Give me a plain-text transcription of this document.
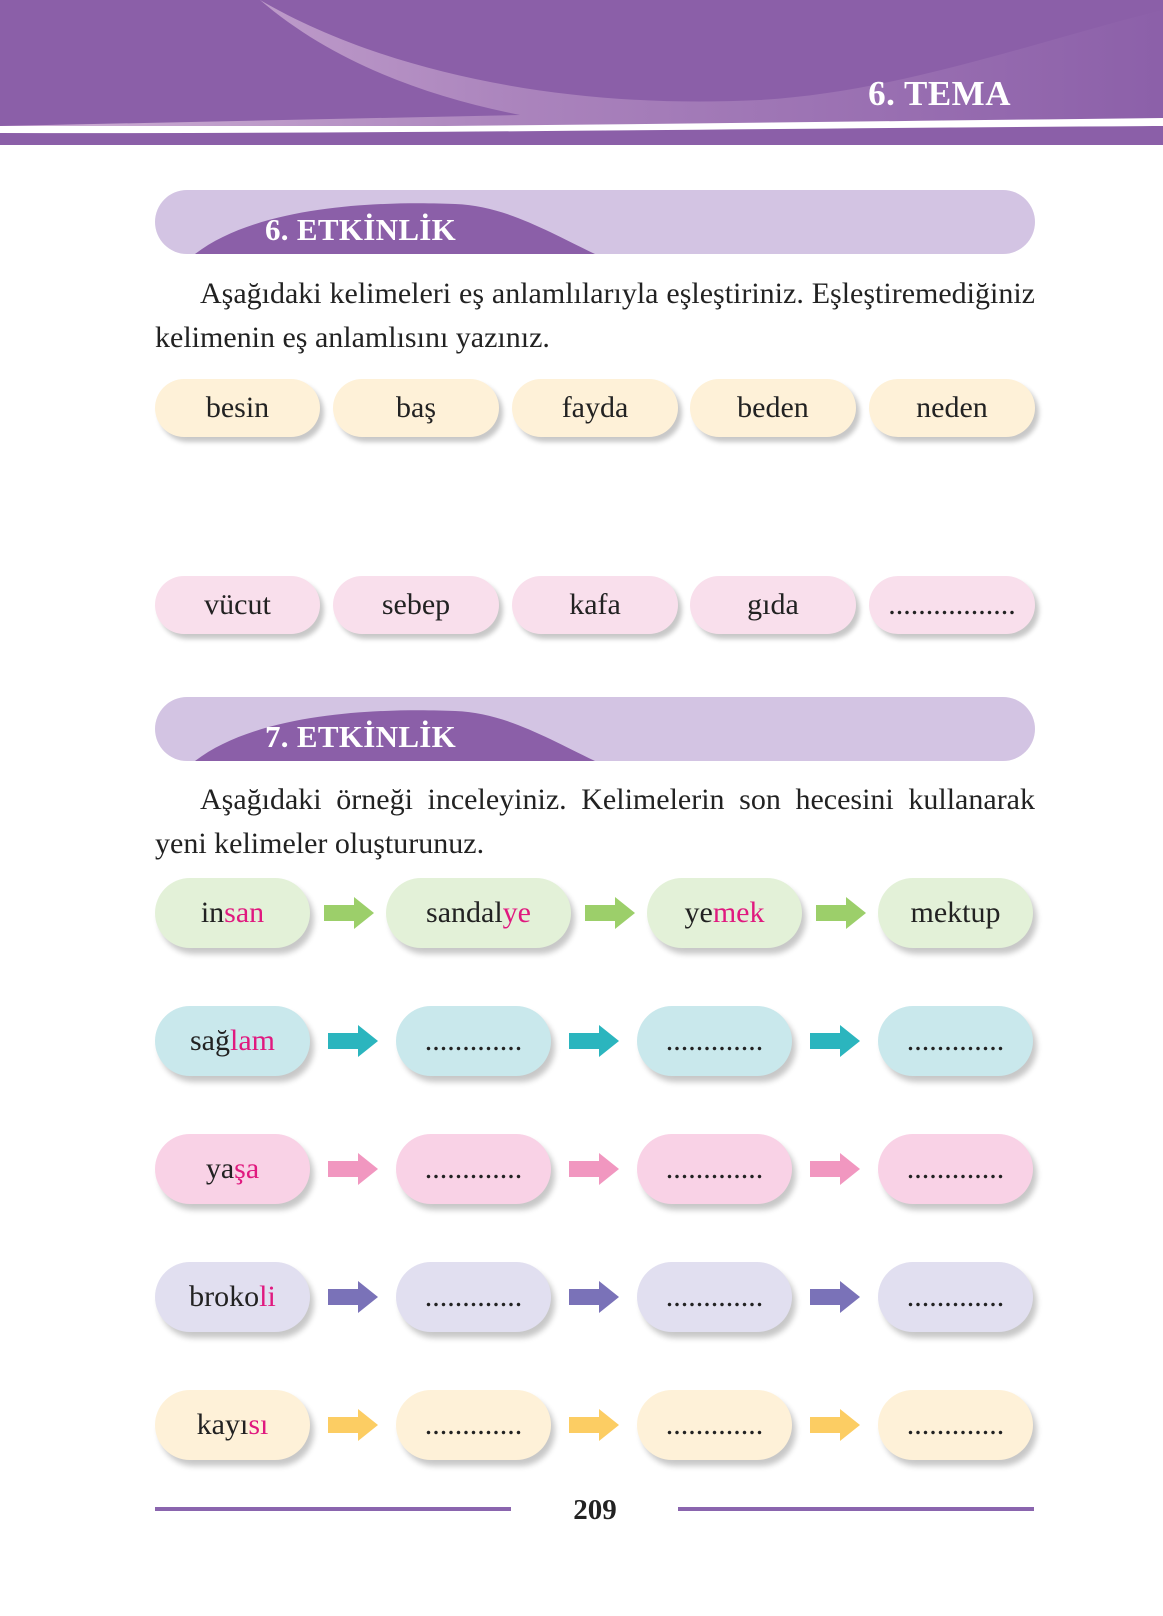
6. TEMA
6. ETKİNLİK

Aşağıdaki kelimeleri eş anlamlılarıyla eşleştiriniz. Eşleştiremediğiniz kelimenin eş anlamlısını yazınız.

besin	baş	fayda	beden	neden
vücut	sebep	kafa	gıda	.................
7. ETKİNLİK

Aşağıdaki örneği inceleyiniz. Kelimelerin son hecesini kullanarak yeni kelimeler oluşturunuz.

in san	sandal ye	ye mek	mektup
sağ lam	.............	.............	.............
ya şa	.............	.............	.............
broko li	.............	.............	.............
kayı sı	.............	.............	.............
209
